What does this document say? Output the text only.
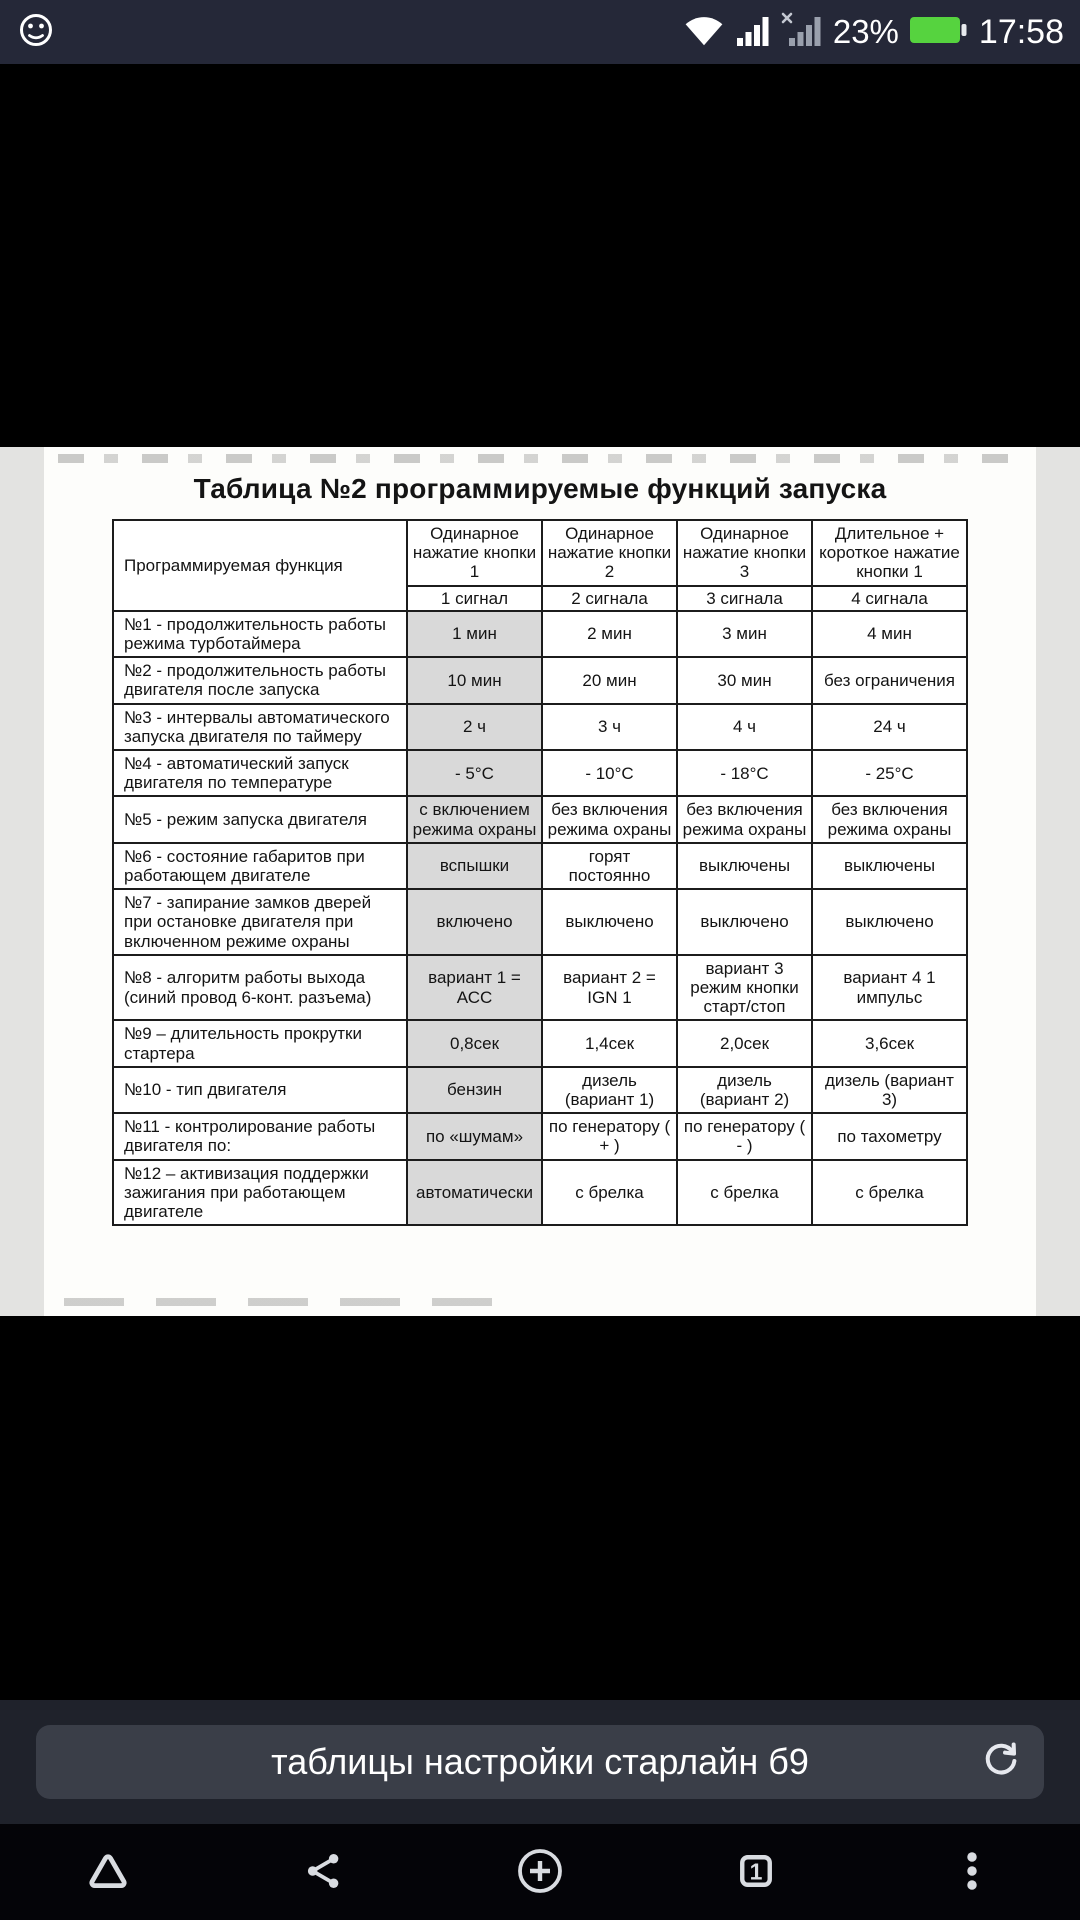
23% 17:58
Таблица №2 программируемые функций запуска
Программируемая функция	Одинарное нажатие кнопки 1	Одинарное нажатие кнопки 2	Одинарное нажатие кнопки 3	Длительное + короткое нажатие кнопки 1
	1 сигнал	2 сигнала	3 сигнала	4 сигнала
№1 - продолжительность работы режима турботаймера	1 мин	2 мин	3 мин	4 мин
№2 - продолжительность работы двигателя после запуска	10 мин	20 мин	30 мин	без ограничения
№3 - интервалы автоматического запуска двигателя по таймеру	2 ч	3 ч	4 ч	24 ч
№4 - автоматический запуск двигателя по температуре	- 5°С	- 10°С	- 18°С	- 25°С
№5 - режим запуска двигателя	с включением режима охраны	без включения режима охраны	без включения режима охраны	без включения режима охраны
№6 - состояние габаритов при работающем двигателе	вспышки	горят постоянно	выключены	выключены
№7 - запирание замков дверей при остановке двигателя при включенном режиме охраны	включено	выключено	выключено	выключено
№8 - алгоритм работы выхода (синий провод 6-конт. разъема)	вариант 1 = АСС	вариант 2 = IGN 1	вариант 3 режим кнопки старт/стоп	вариант 4 1 импульс
№9 – длительность прокрутки стартера	0,8сек	1,4сек	2,0сек	3,6сек
№10 - тип двигателя	бензин	дизель (вариант 1)	дизель (вариант 2)	дизель (вариант 3)
№11 - контролирование работы двигателя по:	по «шумам»	по генератору ( + )	по генератору ( - )	по тахометру
№12 – активизация поддержки зажигания при работающем двигателе	автоматически	с брелка	с брелка	с брелка
таблицы настройки старлайн б9
1
